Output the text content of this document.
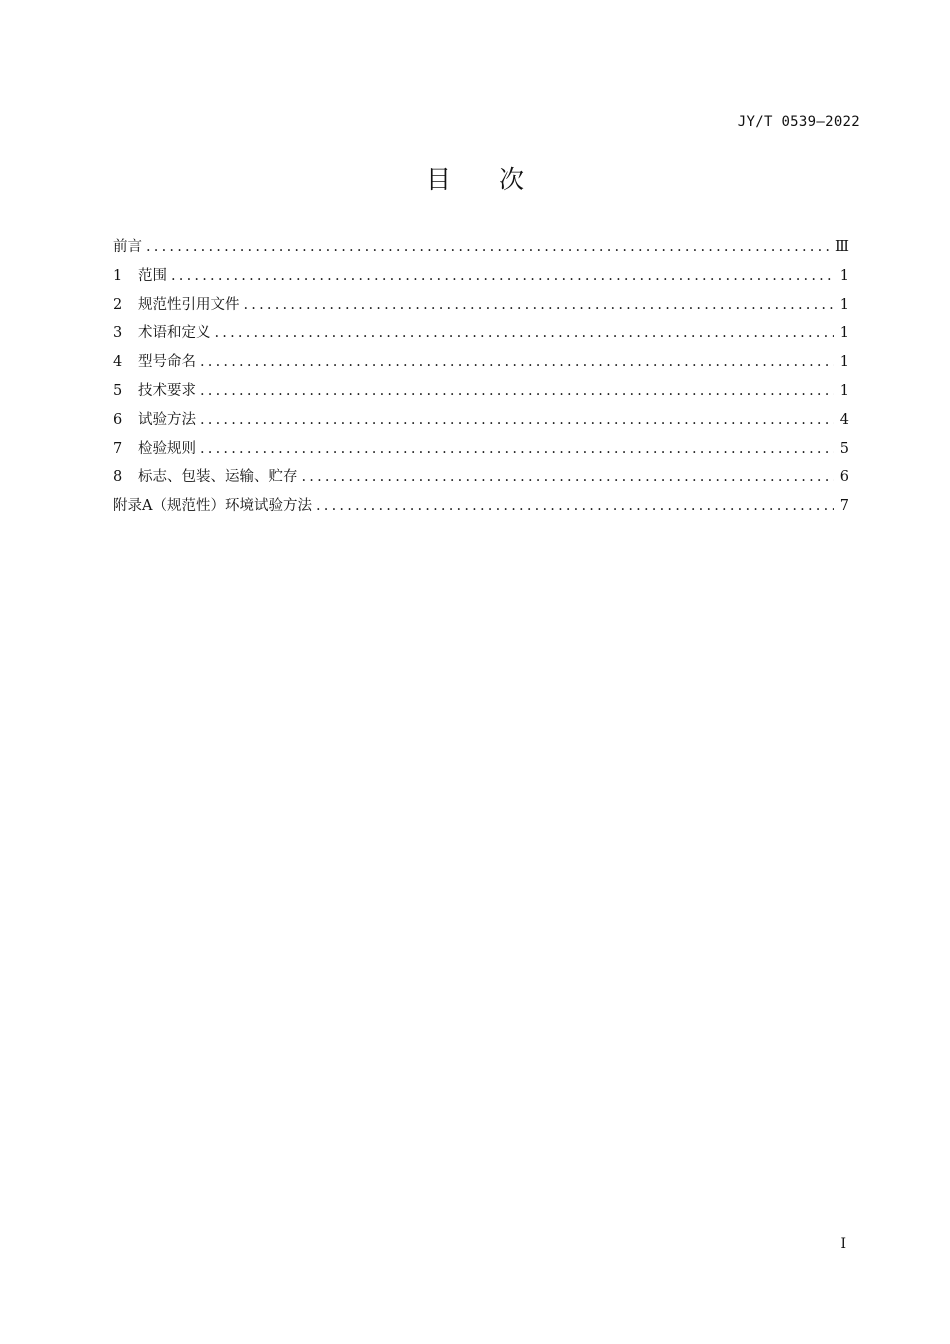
JY/T 0539—2022
目 次
前言 .....	Ⅲ
1	范围 .....	1
2	规范性引用文件 .....	1
3	术语和定义 .....	1
4	型号命名 .....	1
5	技术要求 .....	1
6	试验方法 .....	4
7	检验规则 .....	5
8	标志、包装、运输、贮存 .....	6
附录A（规范性）环境试验方法 .....	7
I
